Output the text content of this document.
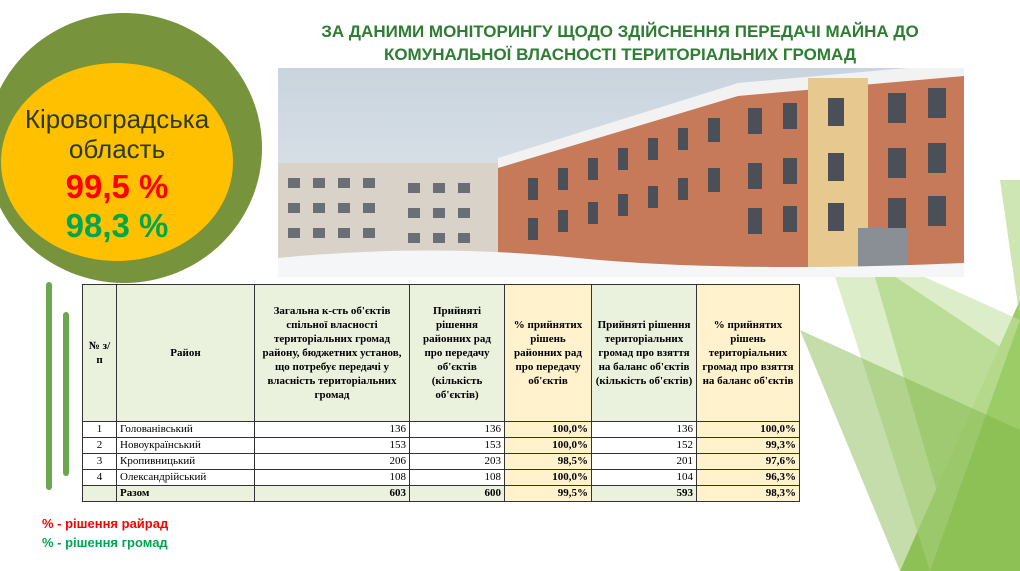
ЗА ДАНИМИ МОНІТОРИНГУ ЩОДО ЗДІЙСНЕННЯ ПЕРЕДАЧІ МАЙНА ДО
КОМУНАЛЬНОЇ ВЛАСНОСТІ ТЕРИТОРІАЛЬНИХ ГРОМАД
Кіровоградська
область
99,5 %
98,3 %
№ з/п	Район	Загальна к-сть об'єктів спільної власності територіальних громад району, бюджетних установ, що потребує передачі у власність територіальних громад	Прийняті рішення районних рад про передачу об'єктів (кількість об'єктів)	% прийнятих рішень районних рад про передачу об'єктів	Прийняті рішення територіальних громад про взяття на баланс об'єктів (кількість об'єктів)	% прийнятих рішень територіальних громад про взяття на баланс об'єктів
1	Голованівський	136	136	100,0%	136	100,0%
2	Новоукраїнський	153	153	100,0%	152	99,3%
3	Кропивницький	206	203	98,5%	201	97,6%
4	Олександрійський	108	108	100,0%	104	96,3%
	Разом	603	600	99,5%	593	98,3%
% - рішення райрад
% - рішення громад
